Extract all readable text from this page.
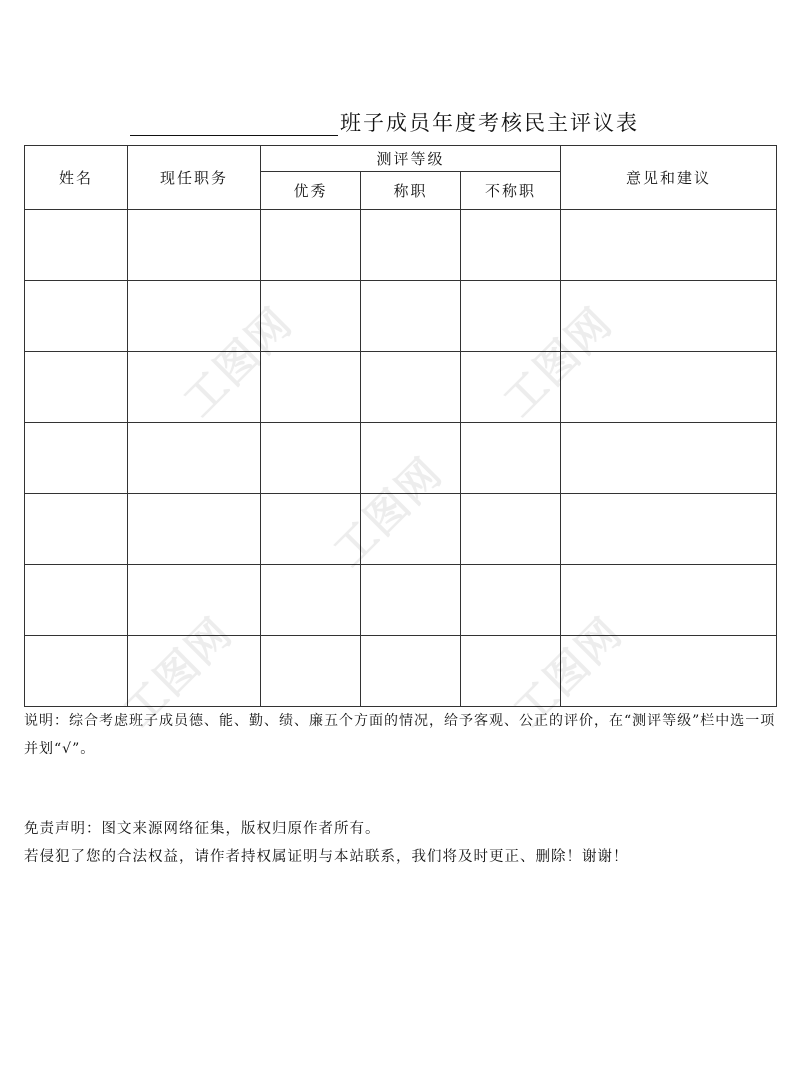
班子成员年度考核民主评议表
姓名	现任职务	测评等级			意见和建议
		优秀	称职	不称职	

说明：综合考虑班子成员德、能、勤、绩、廉五个方面的情况，给予客观、公正的评价，在“测评等级”栏中选一项并划“√”。
免责声明：图文来源网络征集，版权归原作者所有。
若侵犯了您的合法权益，请作者持权属证明与本站联系，我们将及时更正、删除！谢谢！
工图网	工图网
工图网
工图网	工图网
